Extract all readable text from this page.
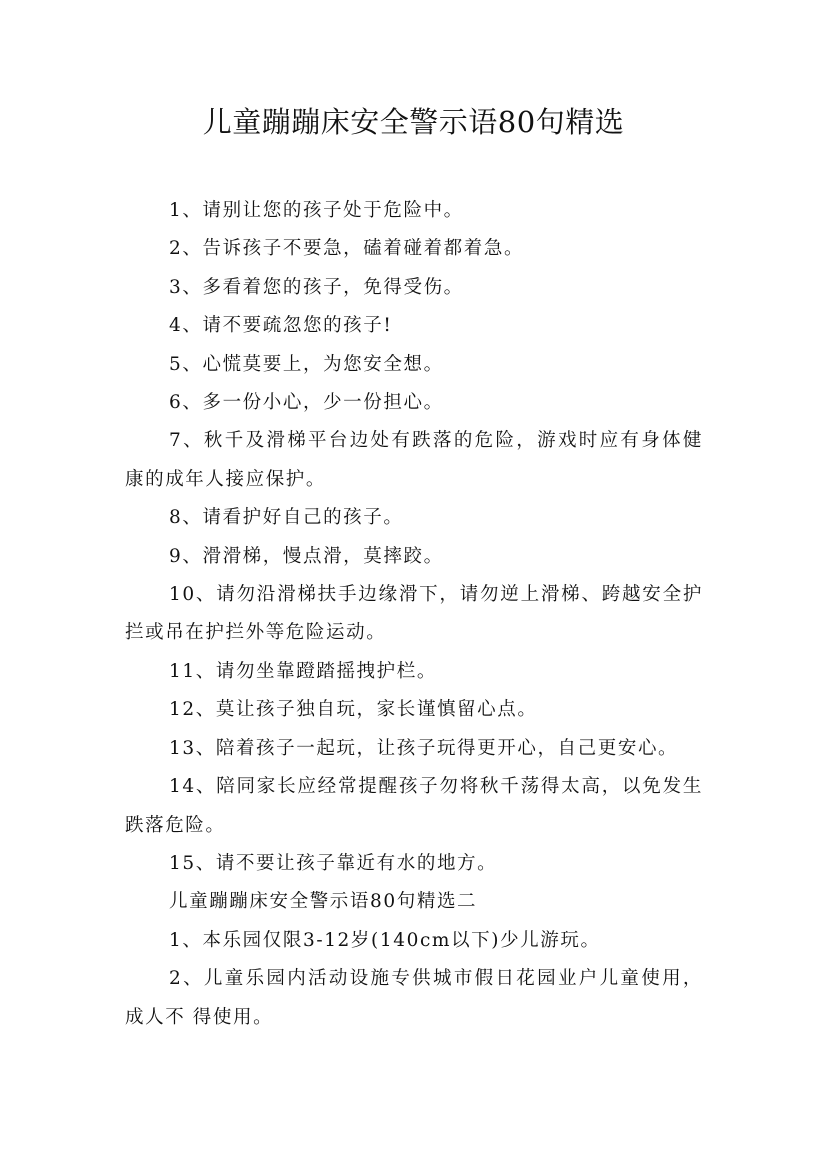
儿童蹦蹦床安全警示语80句精选

1、请别让您的孩子处于危险中。

2、告诉孩子不要急，磕着碰着都着急。

3、多看着您的孩子，免得受伤。

4、请不要疏忽您的孩子!

5、心慌莫要上，为您安全想。

6、多一份小心，少一份担心。

7、秋千及滑梯平台边处有跌落的危险，游戏时应有身体健康的成年人接应保护。

8、请看护好自己的孩子。

9、滑滑梯，慢点滑，莫摔跤。

10、请勿沿滑梯扶手边缘滑下，请勿逆上滑梯、跨越安全护拦或吊在护拦外等危险运动。

11、请勿坐靠蹬踏摇拽护栏。

12、莫让孩子独自玩，家长谨慎留心点。

13、陪着孩子一起玩，让孩子玩得更开心，自己更安心。

14、陪同家长应经常提醒孩子勿将秋千荡得太高，以免发生跌落危险。

15、请不要让孩子靠近有水的地方。

儿童蹦蹦床安全警示语80句精选二

1、本乐园仅限3-12岁(140cm以下)少儿游玩。

2、儿童乐园内活动设施专供城市假日花园业户儿童使用，成人不 得使用。
